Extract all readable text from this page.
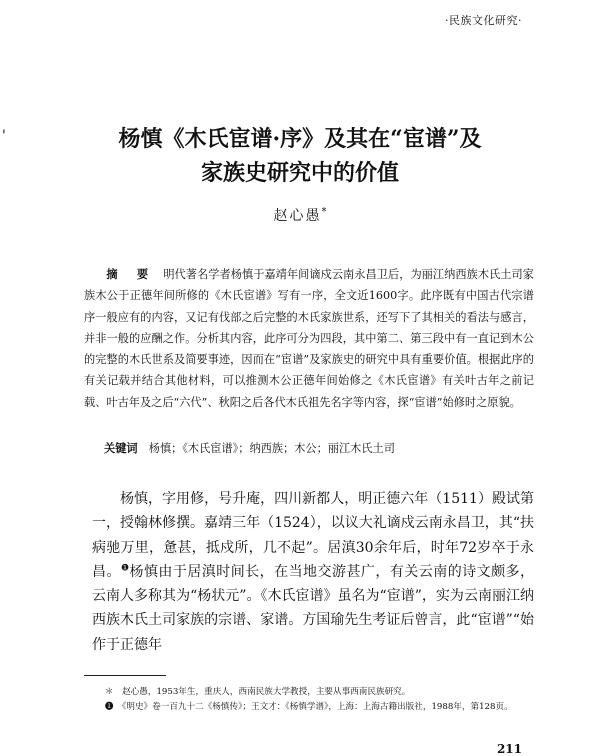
·民族文化研究·
'	杨慎《木氏宦谱·序》及其在“宦谱”及
家族史研究中的价值
赵心愚*

摘　要　 明代著名学者杨慎于嘉靖年间谪戍云南永昌卫后，为丽江纳西族木氏土司家族木公于正德年间所修的《木氏宦谱》写有一序，全文近1600字。此序既有中国古代宗谱序一般应有的内容，又记有伐部之后完整的木氏家族世系，还写下了其相关的看法与感言，并非一般的应酬之作。分析其内容，此序可分为四段，其中第二、第三段中有一直记到木公的完整的木氏世系及简要事迹，因而在“宦谱”及家族史的研究中具有重要价值。根据此序的有关记载并结合其他材料，可以推测木公正德年间始修之《木氏宦谱》有关叶古年之前记载、叶古年及之后“六代”、秋阳之后各代木氏祖先名字等内容，探“宦谱”始修时之原貌。

关键词　 杨慎；《木氏宦谱》；纳西族；木公；丽江木氏土司

杨慎，字用修，号升庵，四川新都人，明正德六年（1511）殿试第一，授翰林修撰。嘉靖三年（1524），以议大礼谪戍云南永昌卫，其“扶病驰万里，惫甚，抵戍所，几不起”。居滇30余年后，时年72岁卒于永昌。$^❶$杨慎由于居滇时间长，在当地交游甚广，有关云南的诗文颇多，云南人多称其为“杨状元”。《木氏宦谱》虽名为“宦谱”，实为云南丽江纳西族木氏土司家族的宗谱、家谱。方国瑜先生考证后曾言，此“宦谱”“始作于正德年

＊　赵心愚，1953年生，重庆人，西南民族大学教授，主要从事西南民族研究。

❶　《明史》卷一百九十二《杨慎传》；王文才：《杨慎学谱》，上海：上海古籍出版社，1988年，第128页。

211
